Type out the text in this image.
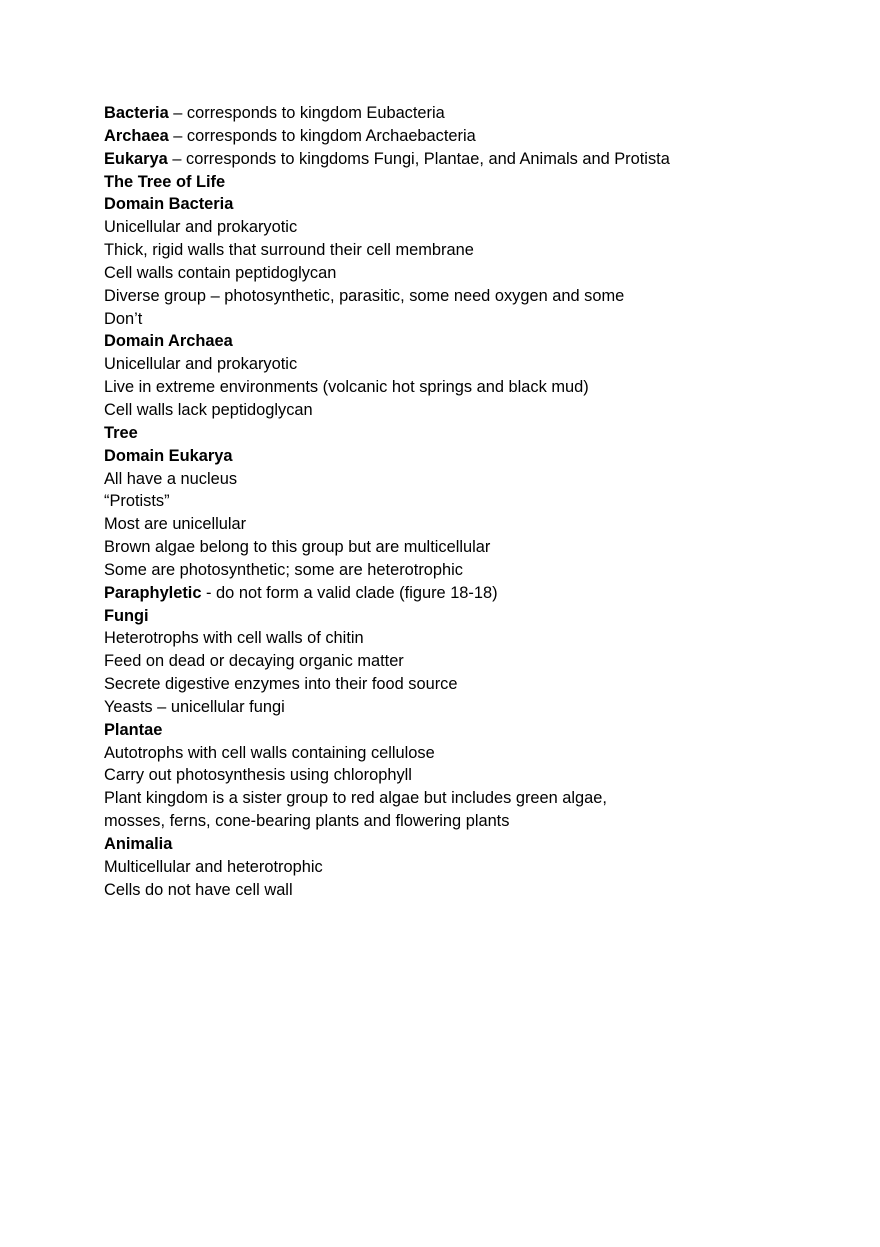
Bacteria – corresponds to kingdom Eubacteria
Archaea – corresponds to kingdom Archaebacteria
Eukarya – corresponds to kingdoms Fungi, Plantae, and Animals and Protista
The Tree of Life
Domain Bacteria
Unicellular and prokaryotic
Thick, rigid walls that surround their cell membrane
Cell walls contain peptidoglycan
Diverse group – photosynthetic, parasitic, some need oxygen and some
Don’t
Domain Archaea
Unicellular and prokaryotic
Live in extreme environments (volcanic hot springs and black mud)
Cell walls lack peptidoglycan
Tree
Domain Eukarya
All have a nucleus
“Protists”
Most are unicellular
Brown algae belong to this group but are multicellular
Some are photosynthetic; some are heterotrophic
Paraphyletic - do not form a valid clade (figure 18-18)
Fungi
Heterotrophs with cell walls of chitin
Feed on dead or decaying organic matter
Secrete digestive enzymes into their food source
Yeasts – unicellular fungi
Plantae
Autotrophs with cell walls containing cellulose
Carry out photosynthesis using chlorophyll
Plant kingdom is a sister group to red algae but includes green algae,
mosses, ferns, cone-bearing plants and flowering plants
Animalia
Multicellular and heterotrophic
Cells do not have cell wall
